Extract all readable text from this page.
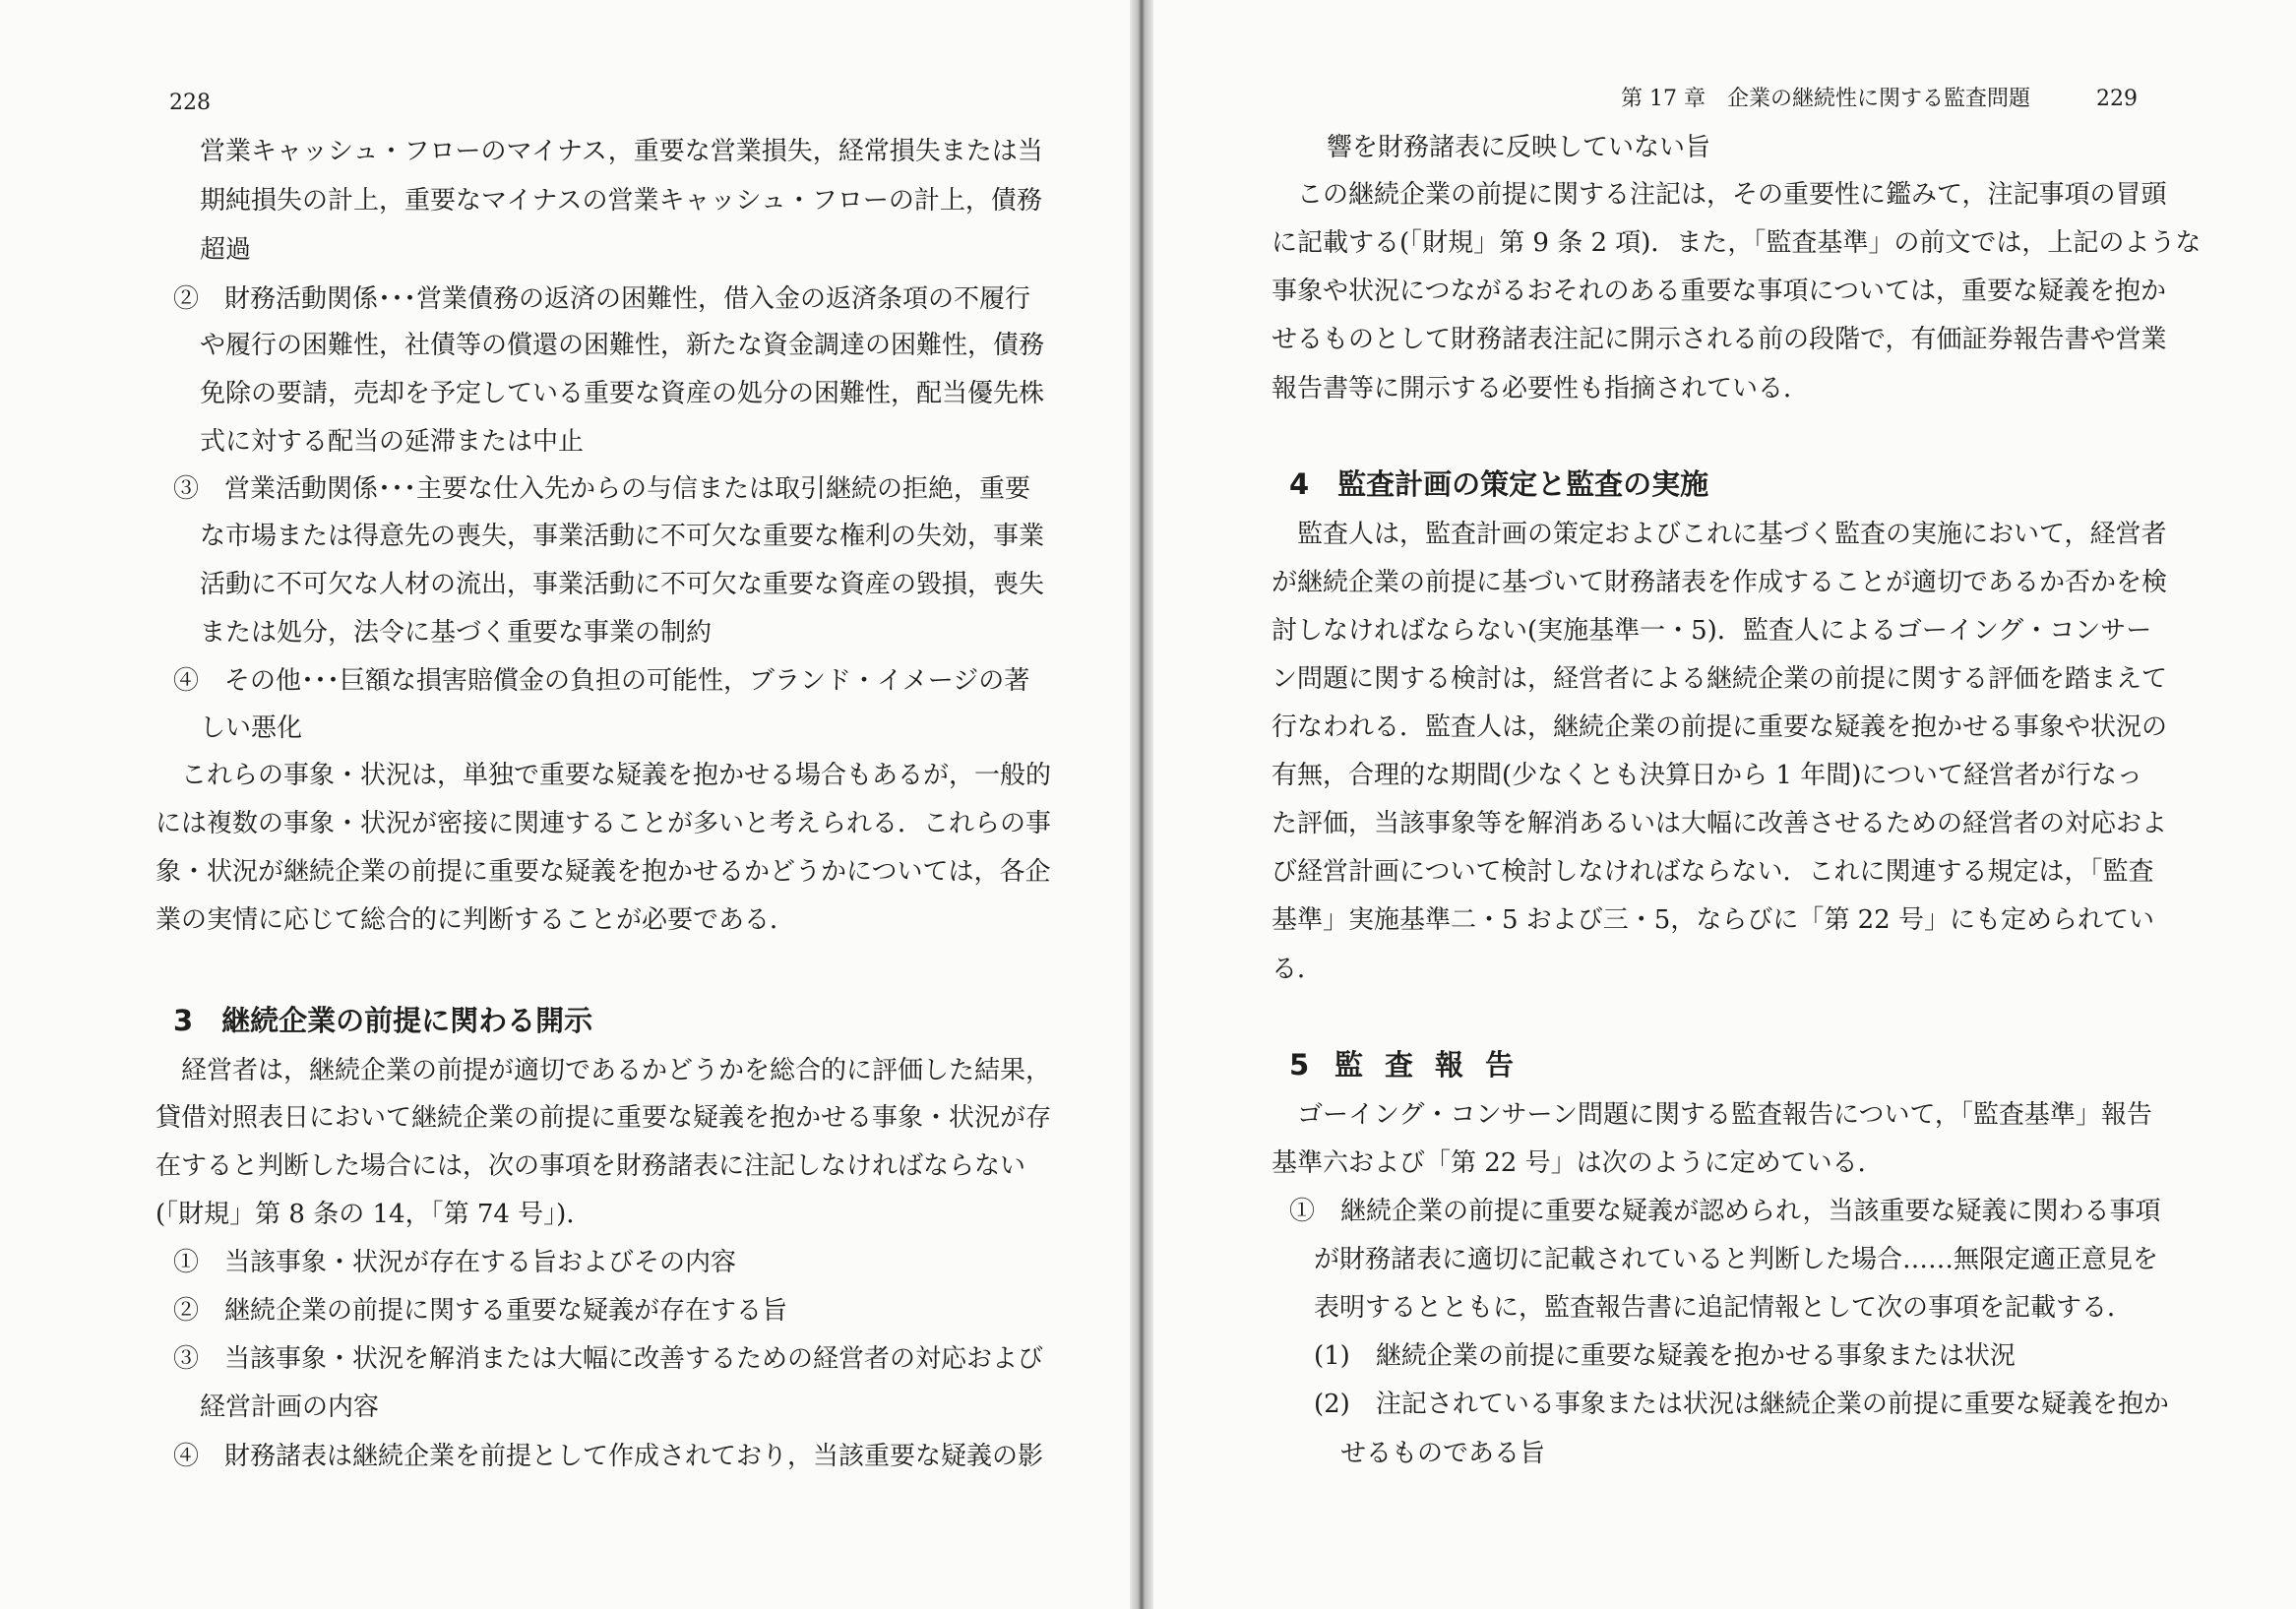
228
営業キャッシュ・フローのマイナス，重要な営業損失，経常損失または当
期純損失の計上，重要なマイナスの営業キャッシュ・フローの計上，債務
超過
②　財務活動関係･･･営業債務の返済の困難性，借入金の返済条項の不履行
や履行の困難性，社債等の償還の困難性，新たな資金調達の困難性，債務
免除の要請，売却を予定している重要な資産の処分の困難性，配当優先株
式に対する配当の延滞または中止
③　営業活動関係･･･主要な仕入先からの与信または取引継続の拒絶，重要
な市場または得意先の喪失，事業活動に不可欠な重要な権利の失効，事業
活動に不可欠な人材の流出，事業活動に不可欠な重要な資産の毀損，喪失
または処分，法令に基づく重要な事業の制約
④　その他･･･巨額な損害賠償金の負担の可能性，ブランド・イメージの著
しい悪化
これらの事象・状況は，単独で重要な疑義を抱かせる場合もあるが，一般的
には複数の事象・状況が密接に関連することが多いと考えられる．これらの事
象・状況が継続企業の前提に重要な疑義を抱かせるかどうかについては，各企
業の実情に応じて総合的に判断することが必要である．
3　継続企業の前提に関わる開示
経営者は，継続企業の前提が適切であるかどうかを総合的に評価した結果，
貸借対照表日において継続企業の前提に重要な疑義を抱かせる事象・状況が存
在すると判断した場合には，次の事項を財務諸表に注記しなければならない
(「財規」第 8 条の 14，「第 74 号」)．
①　当該事象・状況が存在する旨およびその内容
②　継続企業の前提に関する重要な疑義が存在する旨
③　当該事象・状況を解消または大幅に改善するための経営者の対応および
経営計画の内容
④　財務諸表は継続企業を前提として作成されており，当該重要な疑義の影
第 17 章　企業の継続性に関する監査問題	229
響を財務諸表に反映していない旨
この継続企業の前提に関する注記は，その重要性に鑑みて，注記事項の冒頭
に記載する(「財規」第 9 条 2 項)．また，「監査基準」の前文では，上記のような
事象や状況につながるおそれのある重要な事項については，重要な疑義を抱か
せるものとして財務諸表注記に開示される前の段階で，有価証券報告書や営業
報告書等に開示する必要性も指摘されている．
4　監査計画の策定と監査の実施
監査人は，監査計画の策定およびこれに基づく監査の実施において，経営者
が継続企業の前提に基づいて財務諸表を作成することが適切であるか否かを検
討しなければならない(実施基準一・5)．監査人によるゴーイング・コンサー
ン問題に関する検討は，経営者による継続企業の前提に関する評価を踏まえて
行なわれる．監査人は，継続企業の前提に重要な疑義を抱かせる事象や状況の
有無，合理的な期間(少なくとも決算日から 1 年間)について経営者が行なっ
た評価，当該事象等を解消あるいは大幅に改善させるための経営者の対応およ
び経営計画について検討しなければならない．これに関連する規定は，「監査
基準」実施基準二・5 および三・5，ならびに「第 22 号」にも定められてい
る．
5 監査報告
ゴーイング・コンサーン問題に関する監査報告について，「監査基準」報告
基準六および「第 22 号」は次のように定めている．
①　継続企業の前提に重要な疑義が認められ，当該重要な疑義に関わる事項
が財務諸表に適切に記載されていると判断した場合……無限定適正意見を
表明するとともに，監査報告書に追記情報として次の事項を記載する．
(1)　継続企業の前提に重要な疑義を抱かせる事象または状況
(2)　注記されている事象または状況は継続企業の前提に重要な疑義を抱か
せるものである旨
